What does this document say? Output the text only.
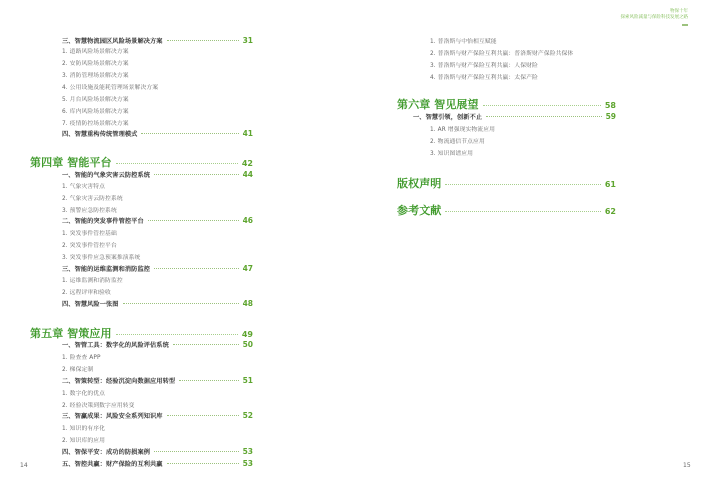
物保十年
探索风险减量与保险科技发展之路
三、智慧物流园区风险场景解决方案	31
1. 道路风险场景解决方案
2. 安防风险场景解决方案
3. 消防管理场景解决方案
4. 公用设施及能耗管理场景解决方案
5. 月台风险场景解决方案
6. 库内风险场景解决方案
7. 疫情防控场景解决方案
四、智慧重构传统管理模式	41
第四章 智能平台	42
一、智能的气象灾害云防控系统	44
1. 气象灾害特点
2. 气象灾害云防控系统
3. 预警应急防控系统
二、智能的突发事件管控平台	46
1. 突发事件管控基础
2. 突发事件管控平台
3. 突发事件应急预案推演系统
三、智能的运维监测和消防监控	47
1. 运维监测和消防监控
2. 远程评审和验收
四、智慧风险一张图	48
第五章 智策应用	49
一、智管工具：数字化的风险评估系统	50
1. 险查查 APP
2. 梯保定制
二、智策转型：经验沉淀向数据应用转型	51
1. 数字化的优点
2. 经验决策到数字应用转变
三、智赢成果：风险安全系列知识库	52
1. 知识的有序化
2. 知识库的应用
四、智保平安：成功的防损案例	53
五、智控共赢：财产保险的互利共赢	53
1. 普洛斯与中怡相互赋能
2. 普洛斯与财产保险互利共赢：普洛斯财产保险共保体
3. 普洛斯与财产保险互利共赢：人保财险
4. 普洛斯与财产保险互利共赢：太保产险
第六章 智见展望	58
一、智慧引领，创新不止	59
1. AR 增强现实物流应用
2. 物流通信节点应用
3. 知识图谱应用
版权声明	61
参考文献	62
14	15
